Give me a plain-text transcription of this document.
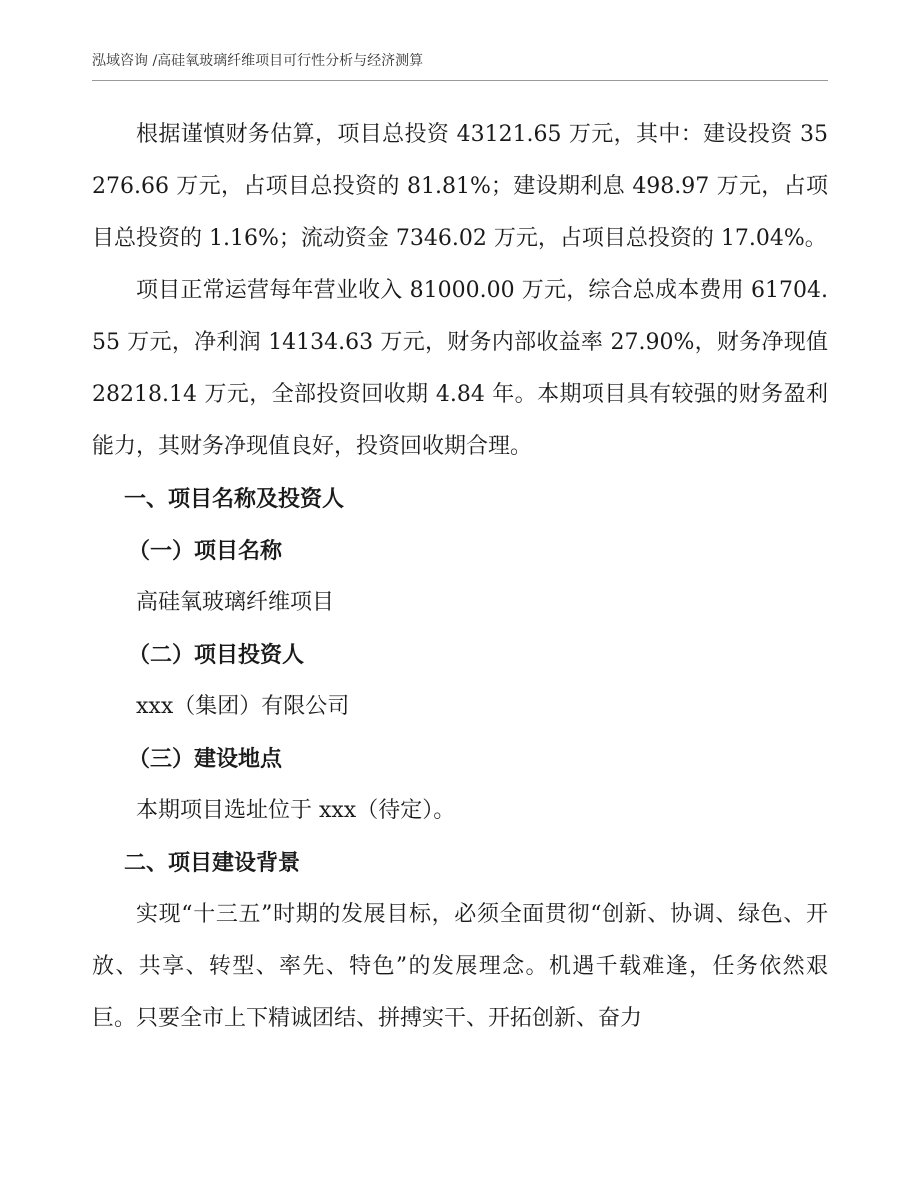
泓域咨询 /高硅氧玻璃纤维项目可行性分析与经济测算

根据谨慎财务估算，项目总投资 43121.65 万元，其中：建设投资 35276.66 万元，占项目总投资的 81.81%；建设期利息 498.97 万元，占项目总投资的 1.16%；流动资金 7346.02 万元，占项目总投资的 17.04%。

项目正常运营每年营业收入 81000.00 万元，综合总成本费用 61704.55 万元，净利润 14134.63 万元，财务内部收益率 27.90%，财务净现值 28218.14 万元，全部投资回收期 4.84 年。本期项目具有较强的财务盈利能力，其财务净现值良好，投资回收期合理。

一、项目名称及投资人

（一）项目名称

高硅氧玻璃纤维项目

（二）项目投资人

xxx（集团）有限公司

（三）建设地点

本期项目选址位于 xxx（待定）。

二、项目建设背景

实现“十三五”时期的发展目标，必须全面贯彻“创新、协调、绿色、开放、共享、转型、率先、特色”的发展理念。机遇千载难逢，任务依然艰巨。只要全市上下精诚团结、拼搏实干、开拓创新、奋力
